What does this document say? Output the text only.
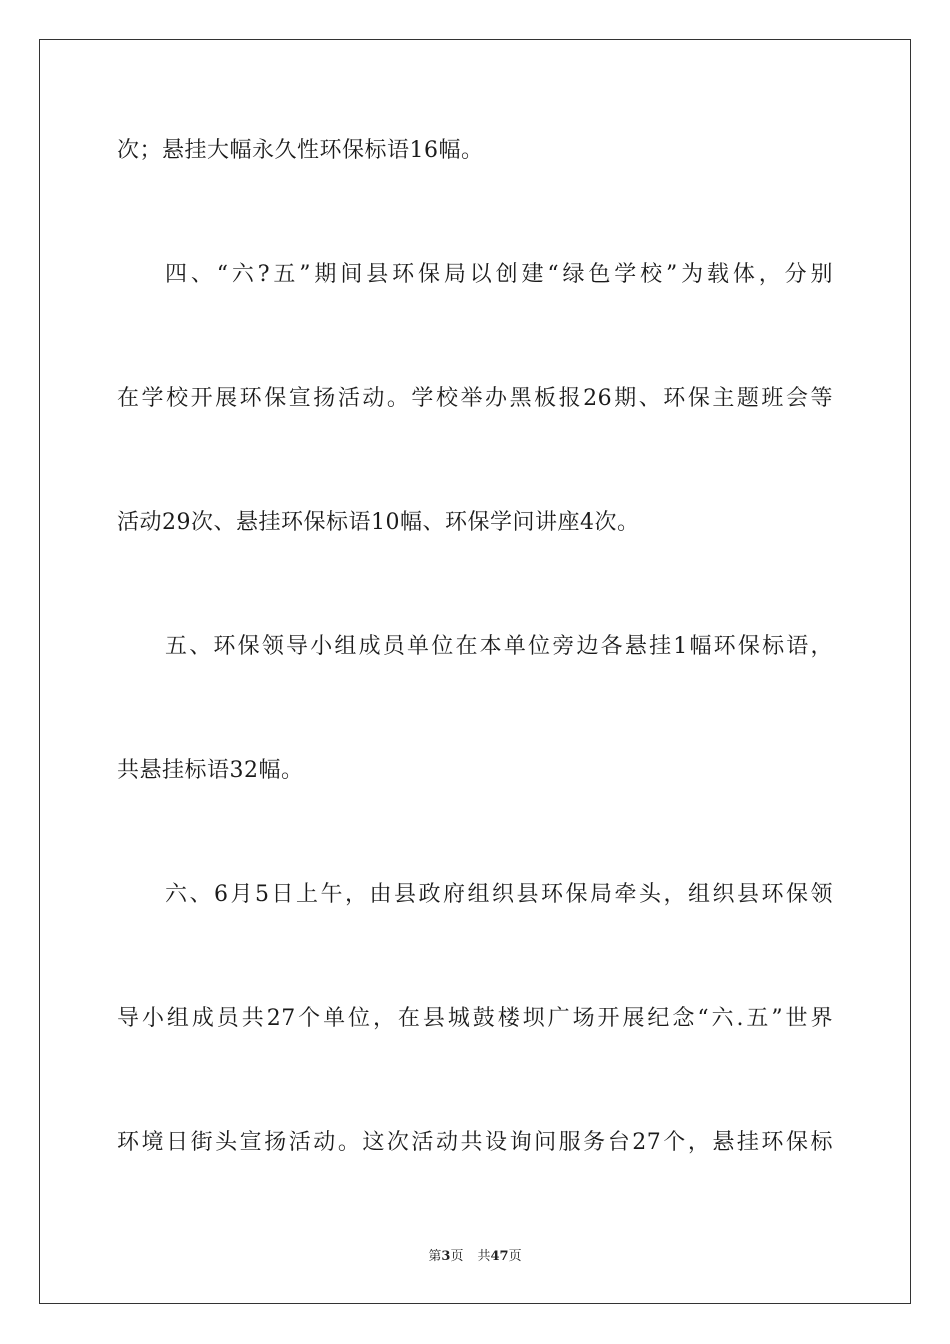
次；悬挂大幅永久性环保标语16幅。
四、“六?五”期间县环保局以创建“绿色学校”为载体，分别
在学校开展环保宣扬活动。学校举办黑板报26期、环保主题班会等
活动29次、悬挂环保标语10幅、环保学问讲座4次。
五、环保领导小组成员单位在本单位旁边各悬挂1幅环保标语，
共悬挂标语32幅。
六、6月5日上午，由县政府组织县环保局牵头，组织县环保领
导小组成员共27个单位，在县城鼓楼坝广场开展纪念“六.五”世界
环境日街头宣扬活动。这次活动共设询问服务台27个，悬挂环保标
第3页 共47页
